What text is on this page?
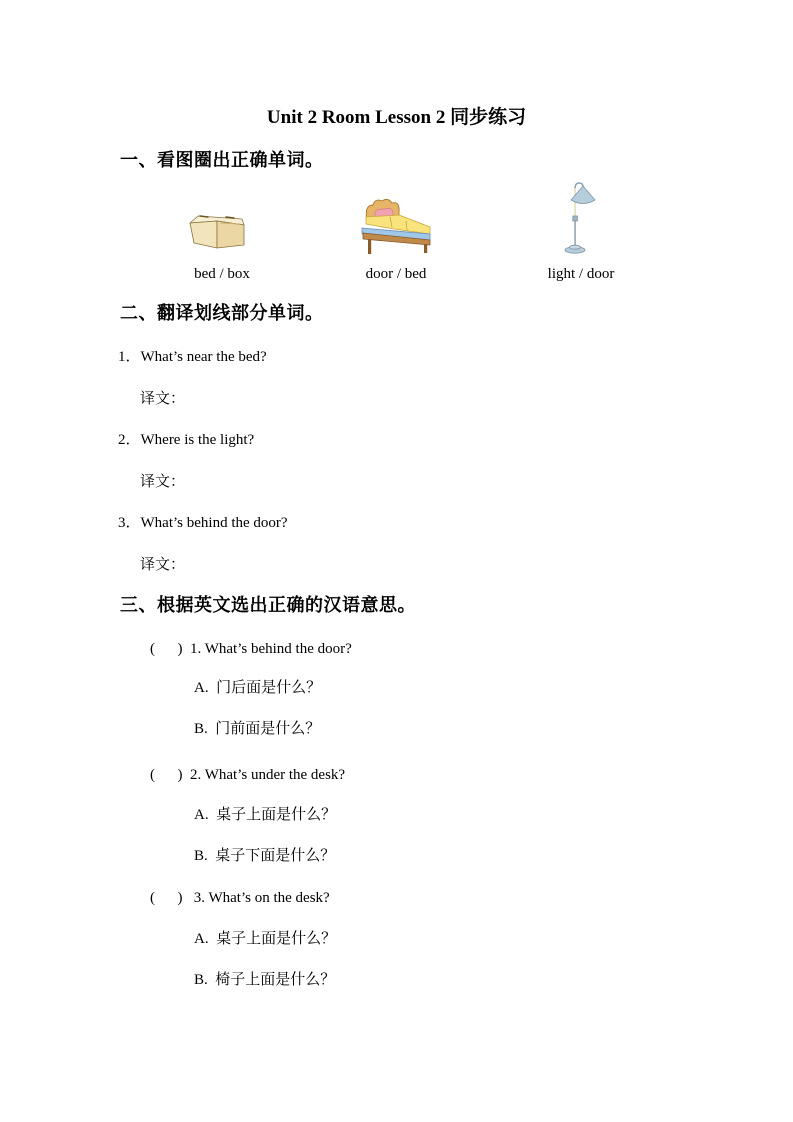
Unit 2 Room Lesson 2 同步练习
一、看图圈出正确单词。
bed / box	door / bed	light / door
二、翻译划线部分单词。
1．What’s near the bed?
译文：
2．Where is the light?
译文：
3．What’s behind the door?
译文：
三、根据英文选出正确的汉语意思。
(      )  1. What’s behind the door?
A.  门后面是什么？
B.  门前面是什么？
(      )  2. What’s under the desk?
A.  桌子上面是什么？
B.  桌子下面是什么？
(      )   3. What’s on the desk?
A.  桌子上面是什么？
B.  椅子上面是什么？
